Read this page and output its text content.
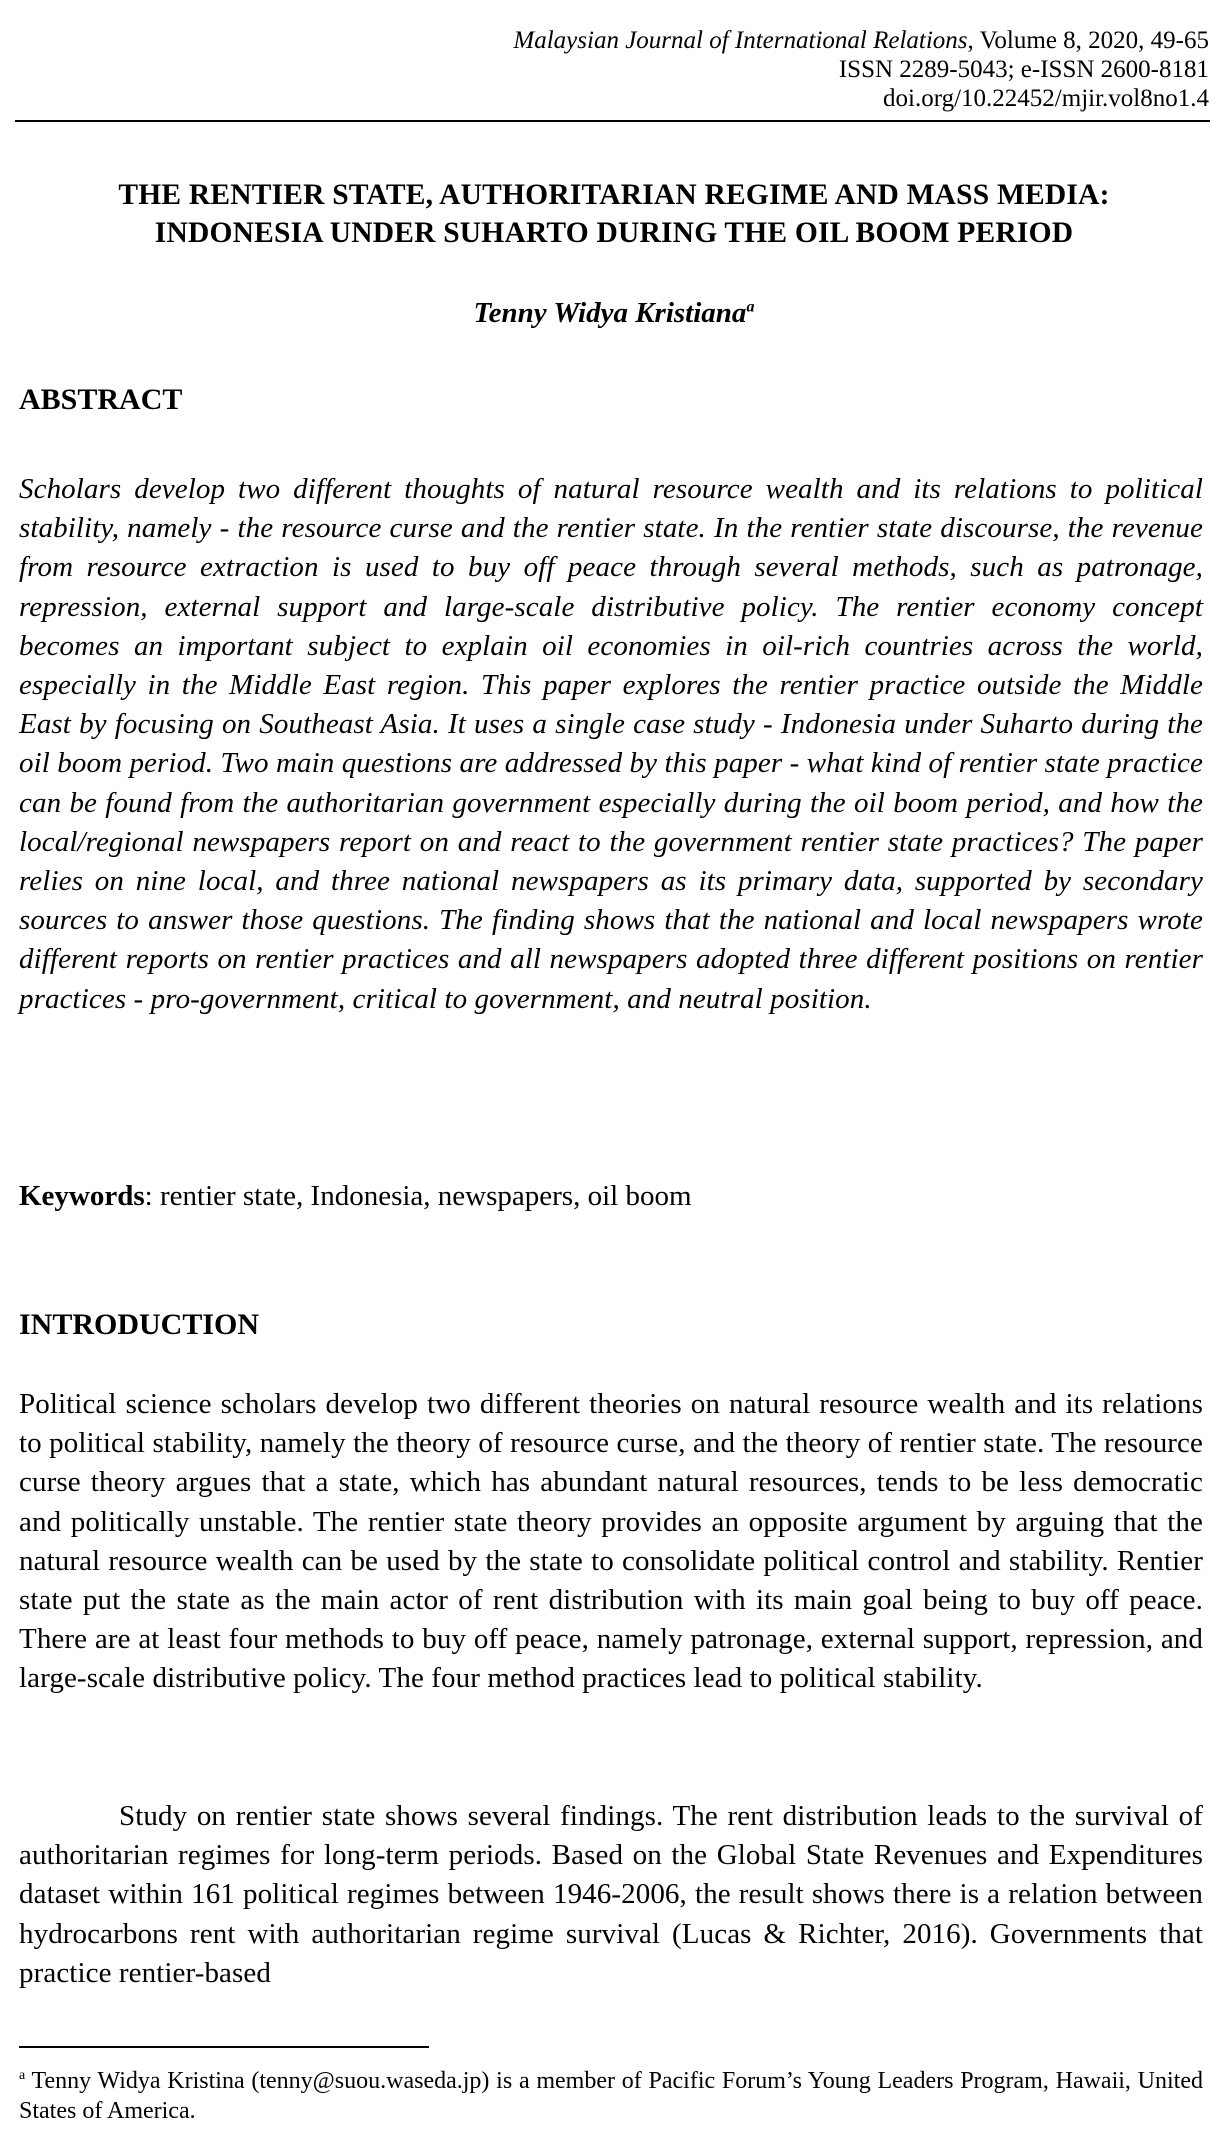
Malaysian Journal of International Relations, Volume 8, 2020, 49-65
ISSN 2289-5043; e-ISSN 2600-8181
doi.org/10.22452/mjir.vol8no1.4
THE RENTIER STATE, AUTHORITARIAN REGIME AND MASS MEDIA:
INDONESIA UNDER SUHARTO DURING THE OIL BOOM PERIOD
Tenny Widya Kristiana$^a$
ABSTRACT
Scholars develop two different thoughts of natural resource wealth and its relations to political stability, namely - the resource curse and the rentier state. In the rentier state discourse, the revenue from resource extraction is used to buy off peace through several methods, such as patronage, repression, external support and large-scale distributive policy. The rentier economy concept becomes an important subject to explain oil economies in oil-rich countries across the world, especially in the Middle East region. This paper explores the rentier practice outside the Middle East by focusing on Southeast Asia. It uses a single case study - Indonesia under Suharto during the oil boom period. Two main questions are addressed by this paper - what kind of rentier state practice can be found from the authoritarian government especially during the oil boom period, and how the local/regional newspapers report on and react to the government rentier state practices? The paper relies on nine local, and three national newspapers as its primary data, supported by secondary sources to answer those questions. The finding shows that the national and local newspapers wrote different reports on rentier practices and all newspapers adopted three different positions on rentier practices - pro-government, critical to government, and neutral position.
Keywords: rentier state, Indonesia, newspapers, oil boom
INTRODUCTION
Political science scholars develop two different theories on natural resource wealth and its relations to political stability, namely the theory of resource curse, and the theory of rentier state. The resource curse theory argues that a state, which has abundant natural resources, tends to be less democratic and politically unstable. The rentier state theory provides an opposite argument by arguing that the natural resource wealth can be used by the state to consolidate political control and stability. Rentier state put the state as the main actor of rent distribution with its main goal being to buy off peace. There are at least four methods to buy off peace, namely patronage, external support, repression, and large-scale distributive policy. The four method practices lead to political stability.
Study on rentier state shows several findings. The rent distribution leads to the survival of authoritarian regimes for long-term periods. Based on the Global State Revenues and Expenditures dataset within 161 political regimes between 1946-2006, the result shows there is a relation between hydrocarbons rent with authoritarian regime survival (Lucas & Richter, 2016). Governments that practice rentier-based
$^a$ Tenny Widya Kristina (tenny@suou.waseda.jp) is a member of Pacific Forum’s Young Leaders Program, Hawaii, United States of America.
